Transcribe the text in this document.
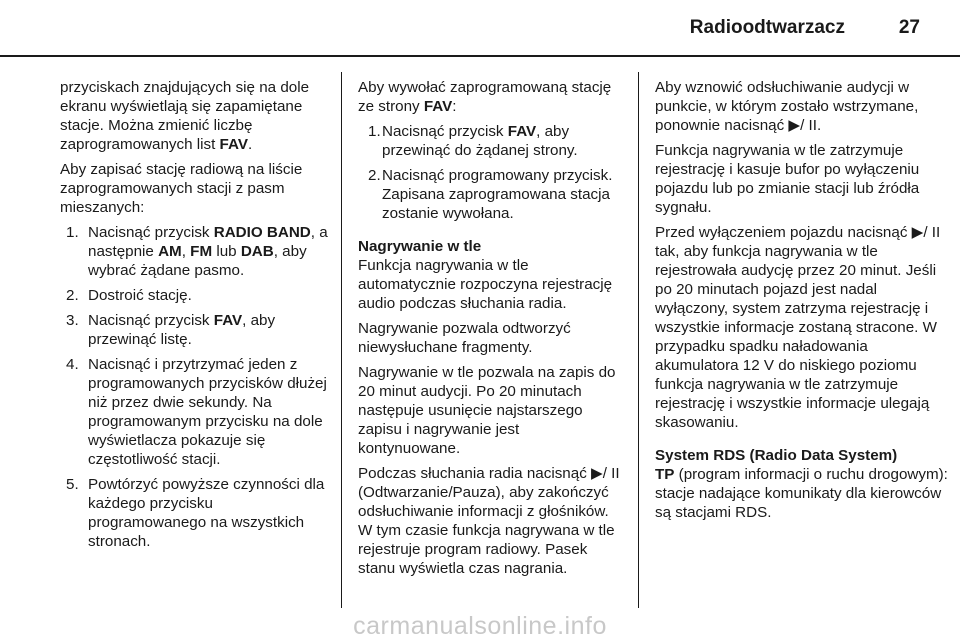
Radioodtwarzacz	27

przyciskach znajdujących się na dole ekranu wyświetlają się zapamiętane stacje. Można zmienić liczbę zaprogramowanych list FAV.

Aby zapisać stację radiową na liście zaprogramowanych stacji z pasm mieszanych:

1. Nacisnąć przycisk RADIO BAND, a następnie AM, FM lub DAB, aby wybrać żądane pasmo.
2. Dostroić stację.
3. Nacisnąć przycisk FAV, aby przewinąć listę.
4. Nacisnąć i przytrzymać jeden z programowanych przycisków dłużej niż przez dwie sekundy. Na programowanym przycisku na dole wyświetlacza pokazuje się częstotliwość stacji.
5. Powtórzyć powyższe czynności dla każdego przycisku programowanego na wszystkich stronach.

Aby wywołać zaprogramowaną stację ze strony FAV:

1. Nacisnąć przycisk FAV, aby przewinąć do żądanej strony.
2. Nacisnąć programowany przycisk. Zapisana zaprogramowana stacja zostanie wywołana.
Nagrywanie w tle

Funkcja nagrywania w tle automatycznie rozpoczyna rejestrację audio podczas słuchania radia.

Nagrywanie pozwala odtworzyć niewysłuchane fragmenty.

Nagrywanie w tle pozwala na zapis do 20 minut audycji. Po 20 minutach następuje usunięcie najstarszego zapisu i nagrywanie jest kontynuowane.

Podczas słuchania radia nacisnąć ▶/ II (Odtwarzanie/Pauza), aby zakończyć odsłuchiwanie informacji z głośników. W tym czasie funkcja nagrywana w tle rejestruje program radiowy. Pasek stanu wyświetla czas nagrania.

Aby wznowić odsłuchiwanie audycji w punkcie, w którym zostało wstrzymane, ponownie nacisnąć ▶/ II.

Funkcja nagrywania w tle zatrzymuje rejestrację i kasuje bufor po wyłączeniu pojazdu lub po zmianie stacji lub źródła sygnału.

Przed wyłączeniem pojazdu nacisnąć ▶/ II tak, aby funkcja nagrywania w tle rejestrowała audycję przez 20 minut. Jeśli po 20 minutach pojazd jest nadal wyłączony, system zatrzyma rejestrację i wszystkie informacje zostaną stracone. W przypadku spadku naładowania akumulatora 12 V do niskiego poziomu funkcja nagrywania w tle zatrzymuje rejestrację i wszystkie informacje ulegają skasowaniu.

System RDS (Radio Data System)

TP (program informacji o ruchu drogowym): stacje nadające komunikaty dla kierowców są stacjami RDS.

carmanualsonline.info
